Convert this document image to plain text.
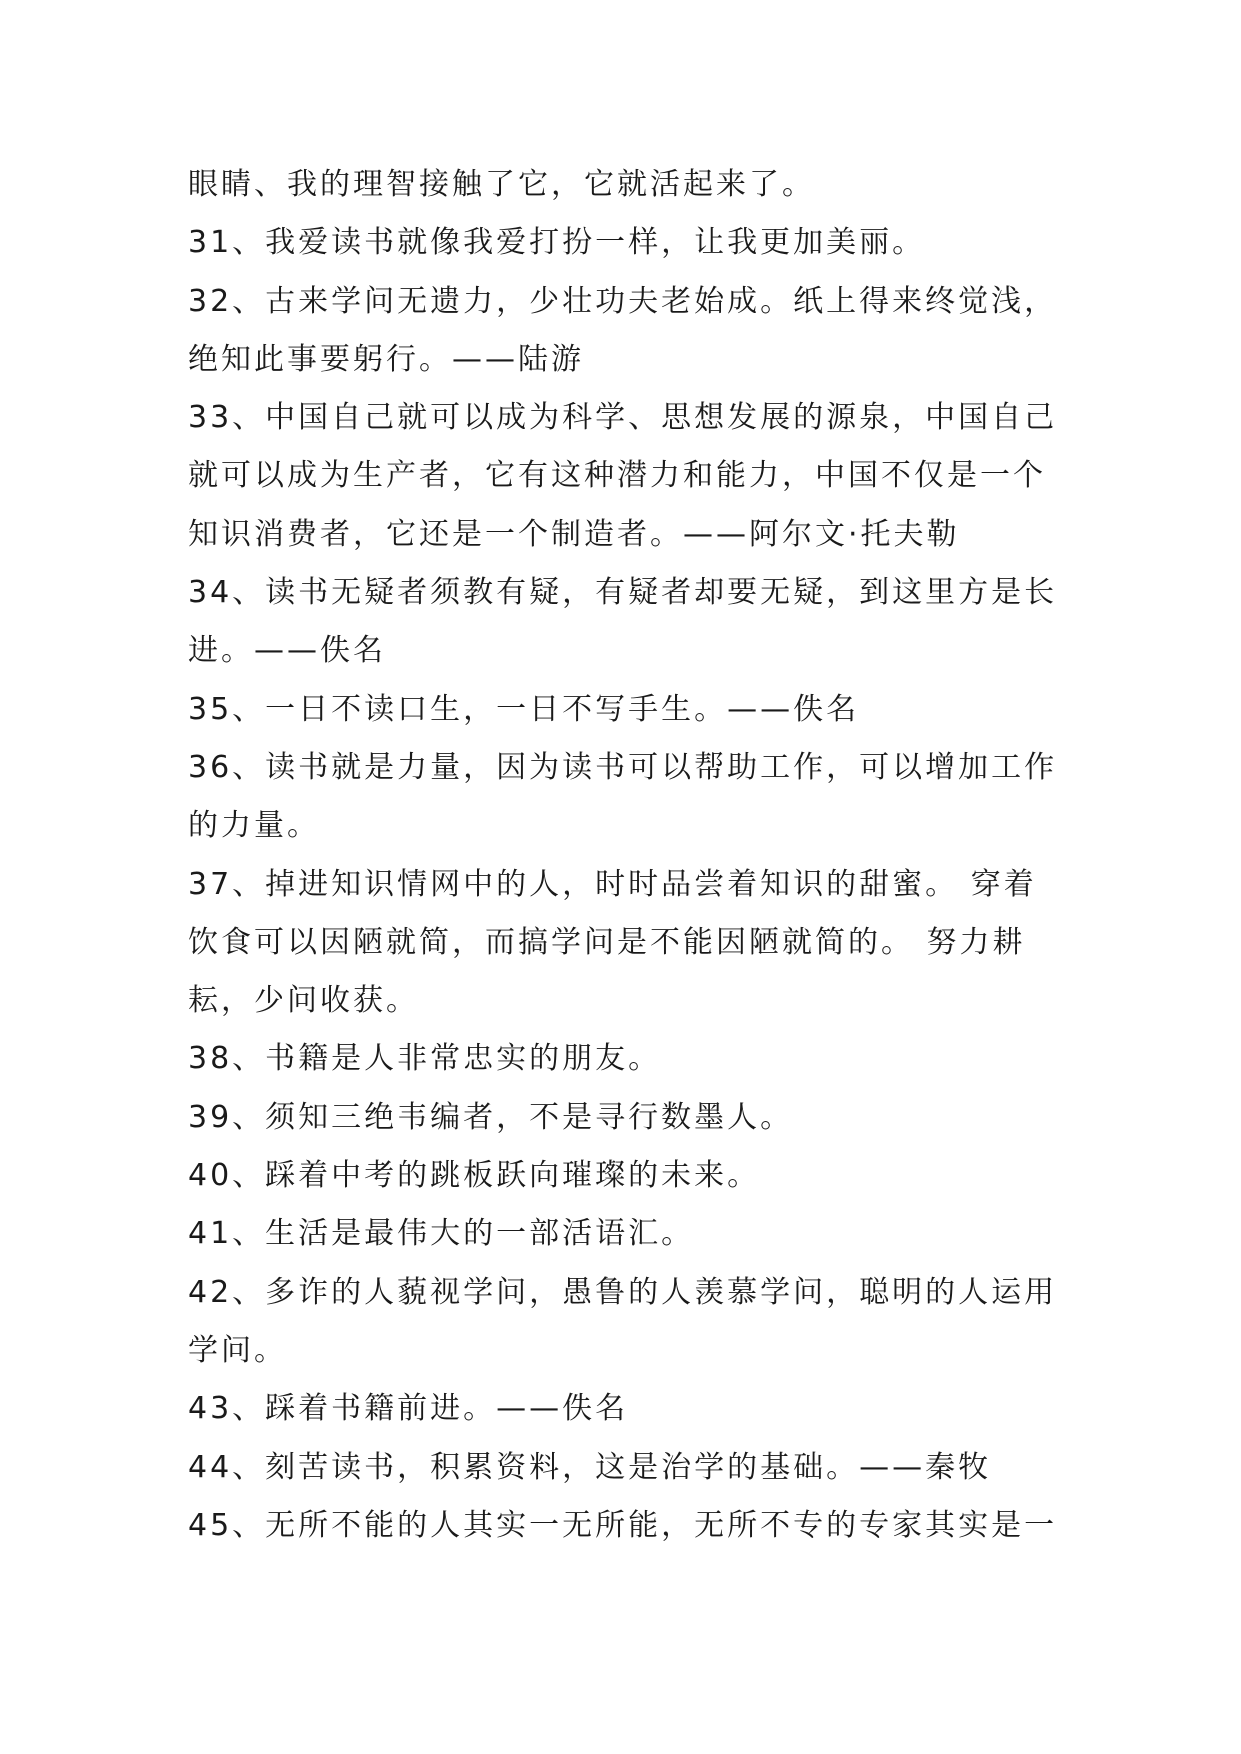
眼睛、我的理智接触了它，它就活起来了。
31、我爱读书就像我爱打扮一样，让我更加美丽。
32、古来学问无遗力，少壮功夫老始成。纸上得来终觉浅，
绝知此事要躬行。——陆游
33、中国自己就可以成为科学、思想发展的源泉，中国自己
就可以成为生产者，它有这种潜力和能力，中国不仅是一个
知识消费者，它还是一个制造者。——阿尔文·托夫勒
34、读书无疑者须教有疑，有疑者却要无疑，到这里方是长
进。——佚名
35、一日不读口生，一日不写手生。——佚名
36、读书就是力量，因为读书可以帮助工作，可以增加工作
的力量。
37、掉进知识情网中的人，时时品尝着知识的甜蜜。 穿着
饮食可以因陋就简，而搞学问是不能因陋就简的。 努力耕
耘，少问收获。
38、书籍是人非常忠实的朋友。
39、须知三绝韦编者，不是寻行数墨人。
40、踩着中考的跳板跃向璀璨的未来。
41、生活是最伟大的一部活语汇。
42、多诈的人藐视学问，愚鲁的人羡慕学问，聪明的人运用
学问。
43、踩着书籍前进。——佚名
44、刻苦读书，积累资料，这是治学的基础。——秦牧
45、无所不能的人其实一无所能，无所不专的专家其实是一
